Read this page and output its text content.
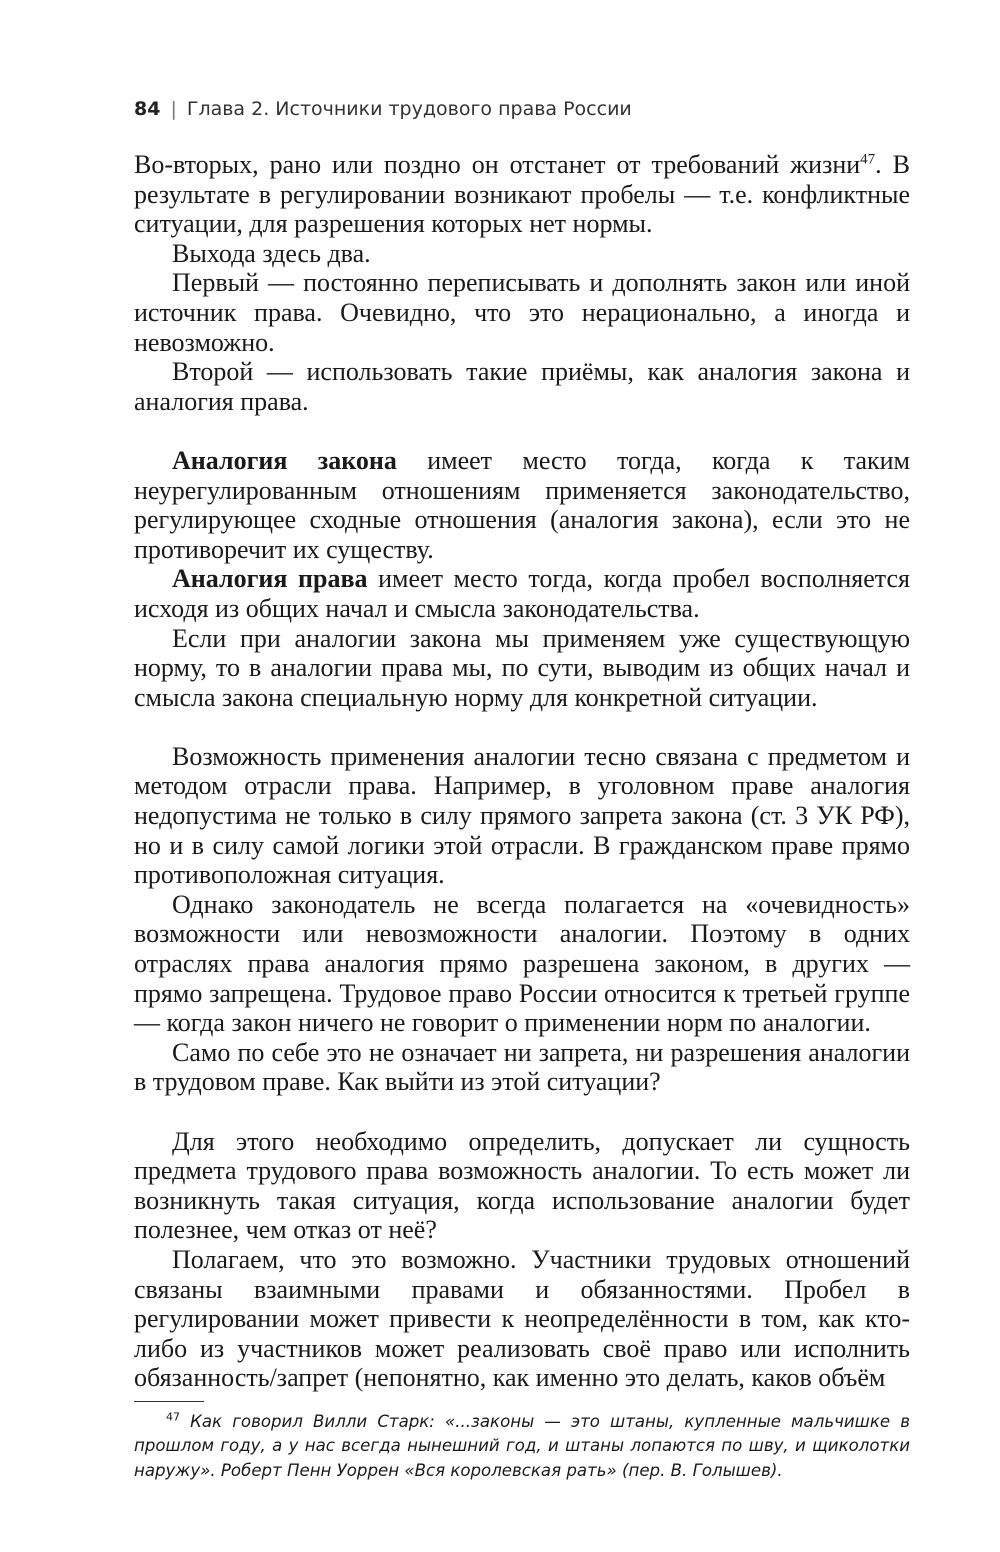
84 | Глава 2. Источники трудового права России

Во-вторых, рано или поздно он отстанет от требований жизни$^{47}$. В результате в регулировании возникают пробелы — т.е. конфликтные ситуации, для разрешения которых нет нормы.

Выхода здесь два.

Первый — постоянно переписывать и дополнять закон или иной источник права. Очевидно, что это нерационально, а иногда и невозможно.

Второй — использовать такие приёмы, как аналогия закона и аналогия права.

Аналогия закона имеет место тогда, когда к таким неурегулированным отношениям применяется законодательство, регулирующее сходные отношения (аналогия закона), если это не противоречит их существу.

Аналогия права имеет место тогда, когда пробел восполняется исходя из общих начал и смысла законодательства.

Если при аналогии закона мы применяем уже существующую норму, то в аналогии права мы, по сути, выводим из общих начал и смысла закона специальную норму для конкретной ситуации.

Возможность применения аналогии тесно связана с предметом и методом отрасли права. Например, в уголовном праве аналогия недопустима не только в силу прямого запрета закона (ст. 3 УК РФ), но и в силу самой логики этой отрасли. В гражданском праве прямо противоположная ситуация.

Однако законодатель не всегда полагается на «очевидность» возможности или невозможности аналогии. Поэтому в одних отраслях права аналогия прямо разрешена законом, в других — прямо запрещена. Трудовое право России относится к третьей группе — когда закон ничего не говорит о применении норм по аналогии.

Само по себе это не означает ни запрета, ни разрешения аналогии в трудовом праве. Как выйти из этой ситуации?

Для этого необходимо определить, допускает ли сущность предмета трудового права возможность аналогии. То есть может ли возникнуть такая ситуация, когда использование аналогии будет полезнее, чем отказ от неё?

Полагаем, что это возможно. Участники трудовых отношений связаны взаимными правами и обязанностями. Пробел в регулировании может привести к неопределённости в том, как кто-либо из участников может реализовать своё право или исполнить обязанность/запрет (непонятно, как именно это делать, каков объём

$^{47}$ Как говорил Вилли Старк: «...законы — это штаны, купленные мальчишке в прошлом году, а у нас всегда нынешний год, и штаны лопаются по шву, и щиколотки наружу». Роберт Пенн Уоррен «Вся королевская рать» (пер. В. Голышев).
